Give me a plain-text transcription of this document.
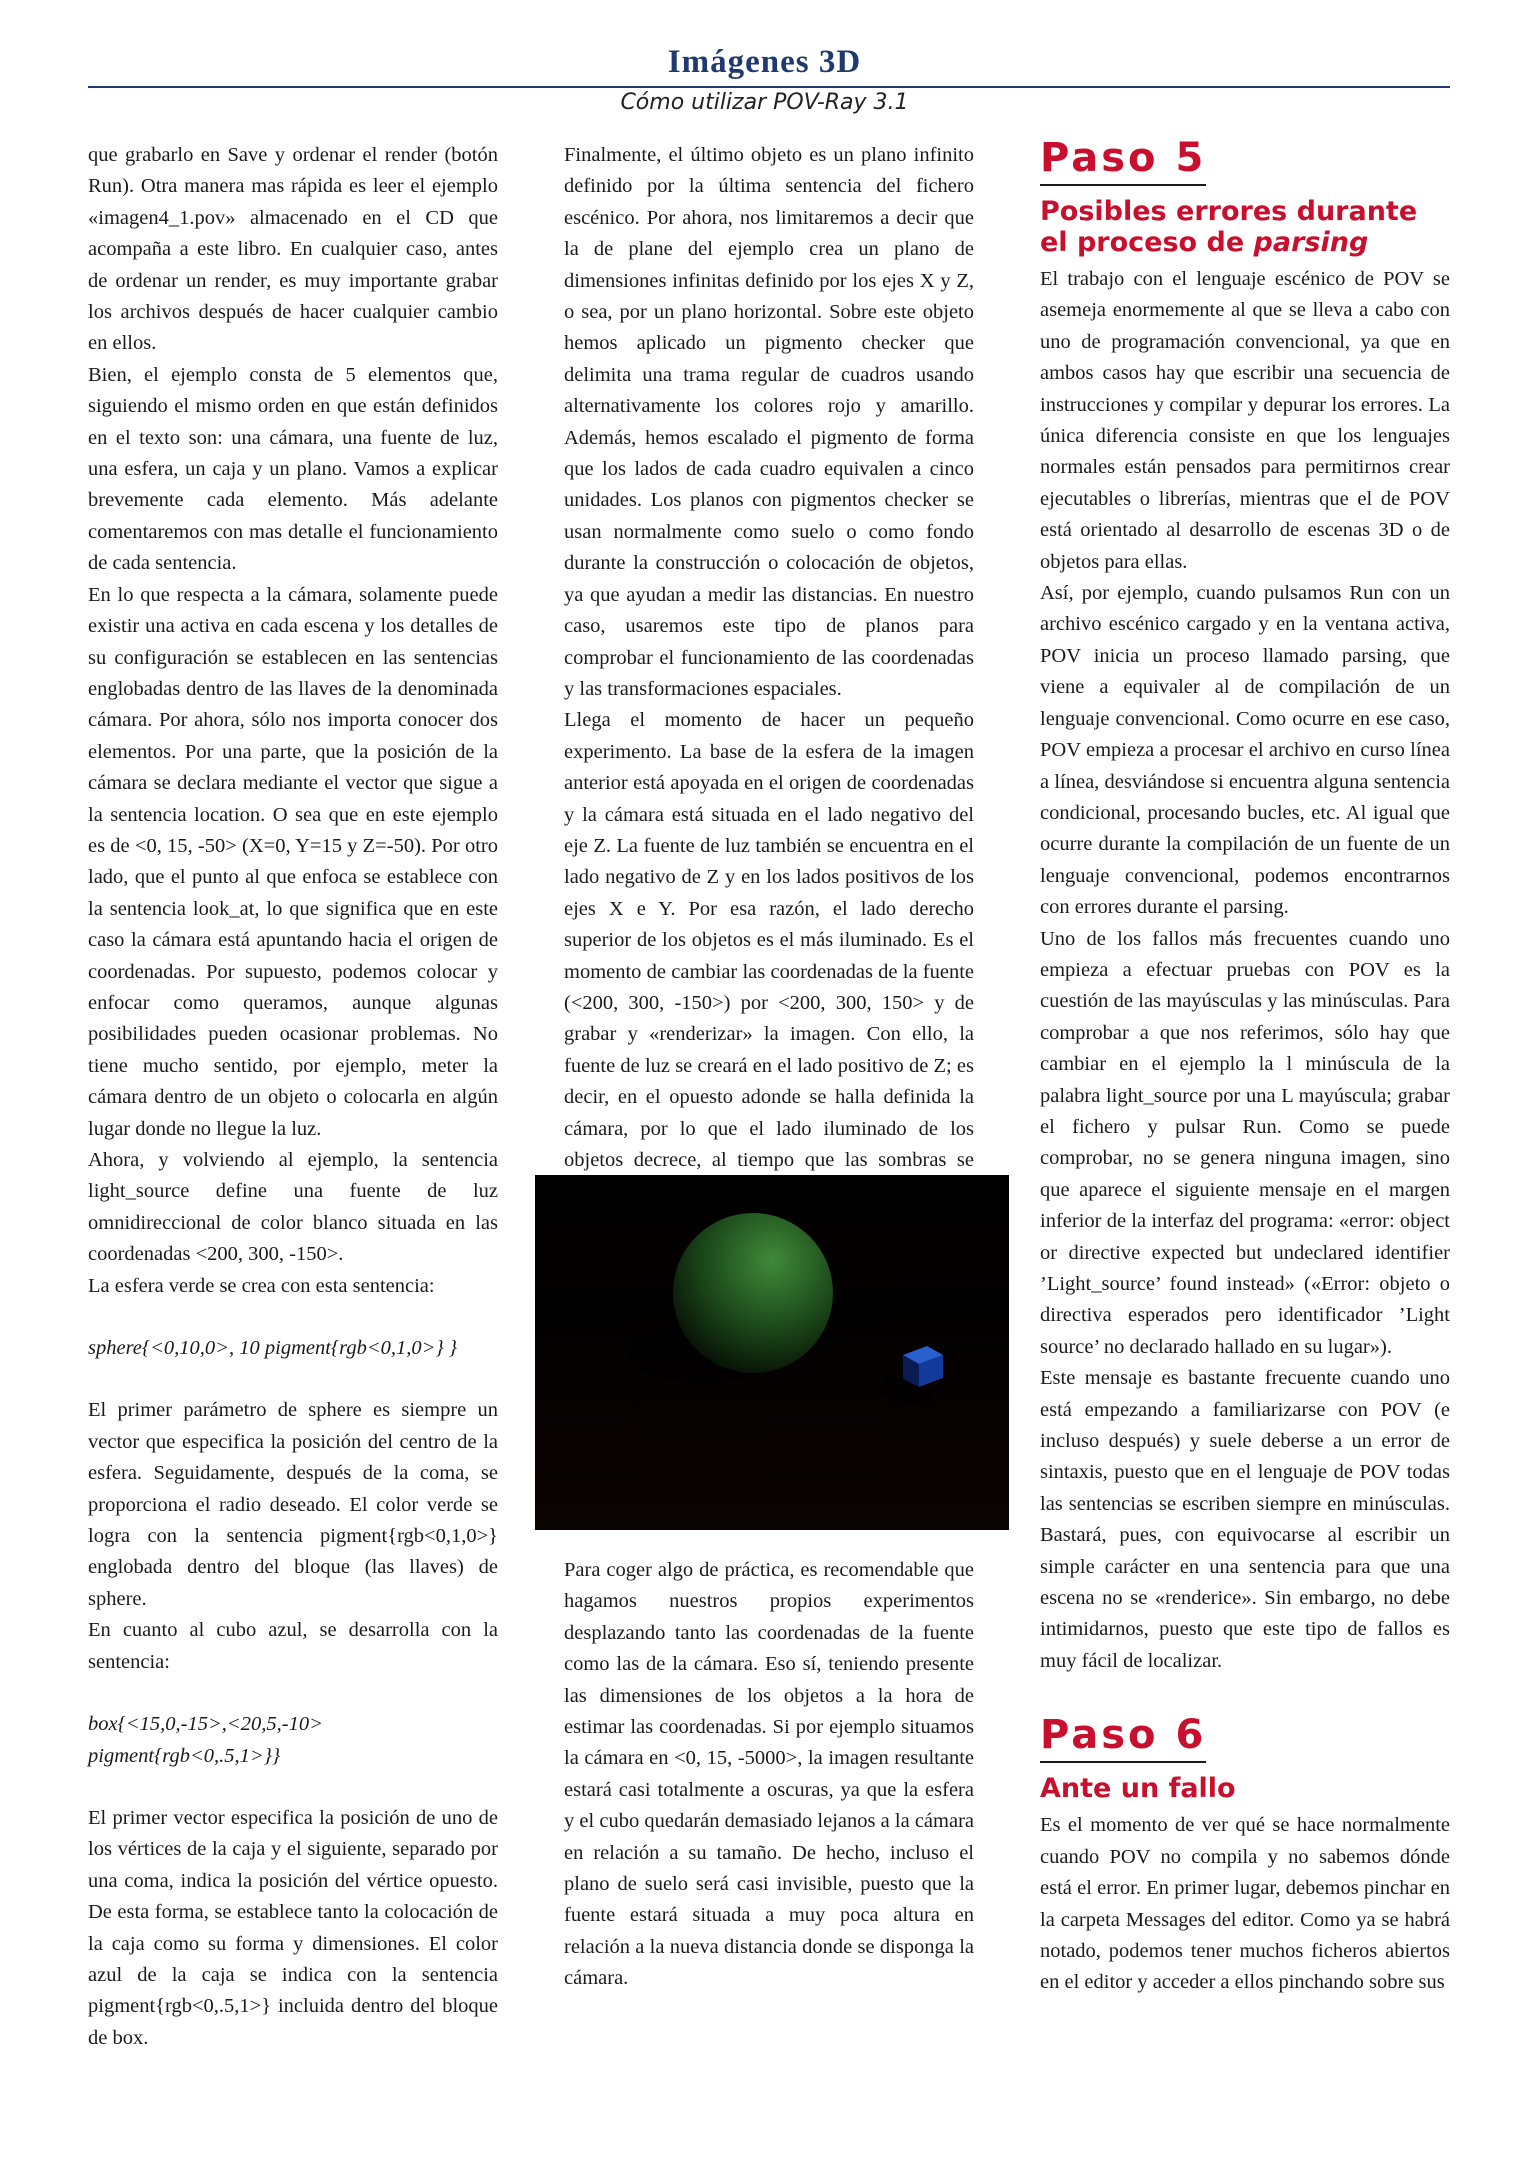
Imágenes 3D
Cómo utilizar POV-Ray 3.1

que grabarlo en Save y ordenar el render (botón Run). Otra manera mas rápida es leer el ejemplo «imagen4_1.pov» almacenado en el CD que acompaña a este libro. En cualquier caso, antes de ordenar un render, es muy importante grabar los archivos después de hacer cualquier cambio en ellos.

Bien, el ejemplo consta de 5 elementos que, siguiendo el mismo orden en que están definidos en el texto son: una cámara, una fuente de luz, una esfera, un caja y un plano. Vamos a explicar brevemente cada elemento. Más adelante comentaremos con mas detalle el funcionamiento de cada sentencia.

En lo que respecta a la cámara, solamente puede existir una activa en cada escena y los detalles de su configuración se establecen en las sentencias englobadas dentro de las llaves de la denominada cámara. Por ahora, sólo nos importa conocer dos elementos. Por una parte, que la posición de la cámara se declara mediante el vector que sigue a la sentencia location. O sea que en este ejemplo es de <0, 15, -50> (X=0, Y=15 y Z=-50). Por otro lado, que el punto al que enfoca se establece con la sentencia look_at, lo que significa que en este caso la cámara está apuntando hacia el origen de coordenadas. Por supuesto, podemos colocar y enfocar como queramos, aunque algunas posibilidades pueden ocasionar problemas. No tiene mucho sentido, por ejemplo, meter la cámara dentro de un objeto o colocarla en algún lugar donde no llegue la luz.

Ahora, y volviendo al ejemplo, la sentencia light_source define una fuente de luz omnidireccional de color blanco situada en las coordenadas <200, 300, -150>.

La esfera verde se crea con esta sentencia:

sphere{<0,10,0>, 10 pigment{rgb<0,1,0>} }

El primer parámetro de sphere es siempre un vector que especifica la posición del centro de la esfera. Seguidamente, después de la coma, se proporciona el radio deseado. El color verde se logra con la sentencia pigment{rgb<0,1,0>} englobada dentro del bloque (las llaves) de sphere.

En cuanto al cubo azul, se desarrolla con la sentencia:

box{<15,0,-15>,<20,5,-10> pigment{rgb<0,.5,1>}}

El primer vector especifica la posición de uno de los vértices de la caja y el siguiente, separado por una coma, indica la posición del vértice opuesto. De esta forma, se establece tanto la colocación de la caja como su forma y dimensiones. El color azul de la caja se indica con la sentencia pigment{rgb<0,.5,1>} incluida dentro del bloque de box.

Finalmente, el último objeto es un plano infinito definido por la última sentencia del fichero escénico. Por ahora, nos limitaremos a decir que la de plane del ejemplo crea un plano de dimensiones infinitas definido por los ejes X y Z, o sea, por un plano horizontal. Sobre este objeto hemos aplicado un pigmento checker que delimita una trama regular de cuadros usando alternativamente los colores rojo y amarillo. Además, hemos escalado el pigmento de forma que los lados de cada cuadro equivalen a cinco unidades. Los planos con pigmentos checker se usan normalmente como suelo o como fondo durante la construcción o colocación de objetos, ya que ayudan a medir las distancias. En nuestro caso, usaremos este tipo de planos para comprobar el funcionamiento de las coordenadas y las transformaciones espaciales.

Llega el momento de hacer un pequeño experimento. La base de la esfera de la imagen anterior está apoyada en el origen de coordenadas y la cámara está situada en el lado negativo del eje Z. La fuente de luz también se encuentra en el lado negativo de Z y en los lados positivos de los ejes X e Y. Por esa razón, el lado derecho superior de los objetos es el más iluminado. Es el momento de cambiar las coordenadas de la fuente (<200, 300, -150>) por <200, 300, 150> y de grabar y «renderizar» la imagen. Con ello, la fuente de luz se creará en el lado positivo de Z; es decir, en el opuesto adonde se halla definida la cámara, por lo que el lado iluminado de los objetos decrece, al tiempo que las sombras se

Para coger algo de práctica, es recomendable que hagamos nuestros propios experimentos desplazando tanto las coordenadas de la fuente como las de la cámara. Eso sí, teniendo presente las dimensiones de los objetos a la hora de estimar las coordenadas. Si por ejemplo situamos la cámara en <0, 15, -5000>, la imagen resultante estará casi totalmente a oscuras, ya que la esfera y el cubo quedarán demasiado lejanos a la cámara en relación a su tamaño. De hecho, incluso el plano de suelo será casi invisible, puesto que la fuente estará situada a muy poca altura en relación a la nueva distancia donde se disponga la cámara.

Paso 5
Posibles errores durante el proceso de parsing

El trabajo con el lenguaje escénico de POV se asemeja enormemente al que se lleva a cabo con uno de programación convencional, ya que en ambos casos hay que escribir una secuencia de instrucciones y compilar y depurar los errores. La única diferencia consiste en que los lenguajes normales están pensados para permitirnos crear ejecutables o librerías, mientras que el de POV está orientado al desarrollo de escenas 3D o de objetos para ellas.

Así, por ejemplo, cuando pulsamos Run con un archivo escénico cargado y en la ventana activa, POV inicia un proceso llamado parsing, que viene a equivaler al de compilación de un lenguaje convencional. Como ocurre en ese caso, POV empieza a procesar el archivo en curso línea a línea, desviándose si encuentra alguna sentencia condicional, procesando bucles, etc. Al igual que ocurre durante la compilación de un fuente de un lenguaje convencional, podemos encontrarnos con errores durante el parsing.

Uno de los fallos más frecuentes cuando uno empieza a efectuar pruebas con POV es la cuestión de las mayúsculas y las minúsculas. Para comprobar a que nos referimos, sólo hay que cambiar en el ejemplo la l minúscula de la palabra light_source por una L mayúscula; grabar el fichero y pulsar Run. Como se puede comprobar, no se genera ninguna imagen, sino que aparece el siguiente mensaje en el margen inferior de la interfaz del programa: «error: object or directive expected but undeclared identifier ’Light_source’ found instead» («Error: objeto o directiva esperados pero identificador ’Light source’ no declarado hallado en su lugar»).

Este mensaje es bastante frecuente cuando uno está empezando a familiarizarse con POV (e incluso después) y suele deberse a un error de sintaxis, puesto que en el lenguaje de POV todas las sentencias se escriben siempre en minúsculas. Bastará, pues, con equivocarse al escribir un simple carácter en una sentencia para que una escena no se «renderice». Sin embargo, no debe intimidarnos, puesto que este tipo de fallos es muy fácil de localizar.

Paso 6
Ante un fallo

Es el momento de ver qué se hace normalmente cuando POV no compila y no sabemos dónde está el error. En primer lugar, debemos pinchar en la carpeta Messages del editor. Como ya se habrá notado, podemos tener muchos ficheros abiertos en el editor y acceder a ellos pinchando sobre sus
